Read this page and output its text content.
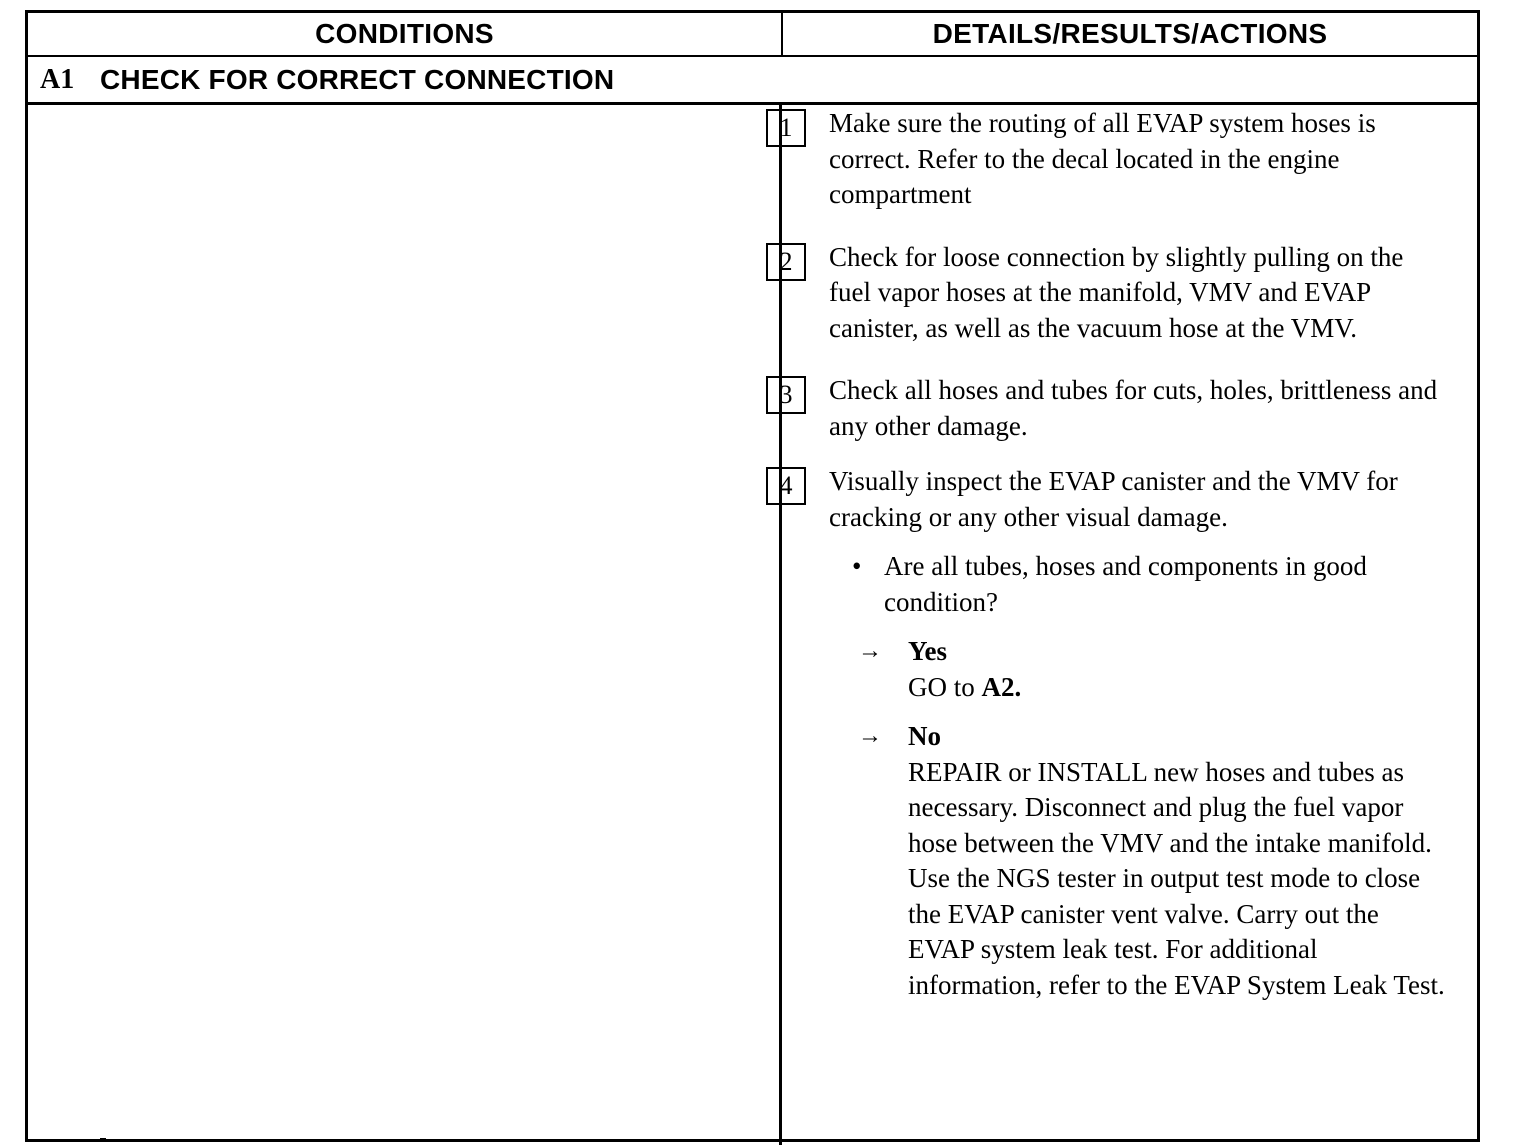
CONDITIONS	DETAILS/RESULTS/ACTIONS
A1 CHECK FOR CORRECT CONNECTION
1	Make sure the routing of all EVAP system hoses is correct. Refer to the decal located in the engine compartment
2	Check for loose connection by slightly pulling on the fuel vapor hoses at the manifold, VMV and EVAP canister, as well as the vacuum hose at the VMV.
3	Check all hoses and tubes for cuts, holes, brittleness and any other damage.
4	Visually inspect the EVAP canister and the VMV for cracking or any other visual damage.
• Are all tubes, hoses and components in good condition?
→ Yes
GO to A2.
→ No
REPAIR or INSTALL new hoses and tubes as necessary. Disconnect and plug the fuel vapor hose between the VMV and the intake manifold. Use the NGS tester in output test mode to close the EVAP canister vent valve. Carry out the EVAP system leak test. For additional information, refer to the EVAP System Leak Test.
